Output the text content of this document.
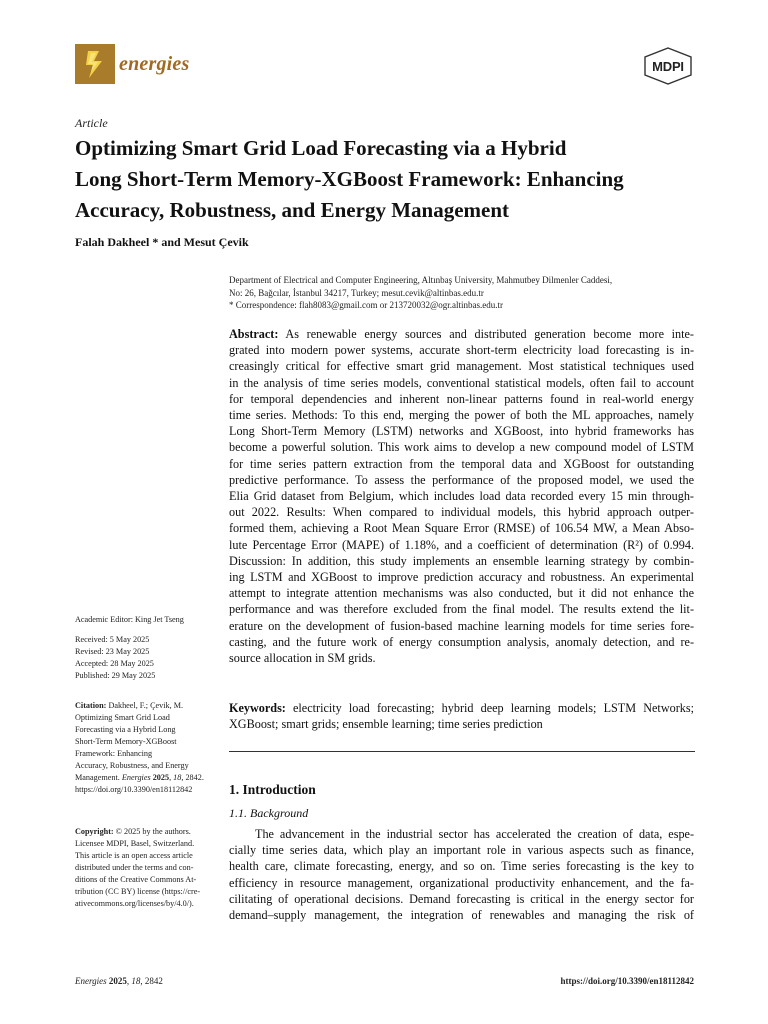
energies	MDPI
Article
Optimizing Smart Grid Load Forecasting via a Hybrid
Long Short-Term Memory-XGBoost Framework: Enhancing
Accuracy, Robustness, and Energy Management
Falah Dakheel * and Mesut Çevik
Department of Electrical and Computer Engineering, Altınbaş University, Mahmutbey Dilmenler Caddesi,
No: 26, Bağcılar, İstanbul 34217, Turkey; mesut.cevik@altinbas.edu.tr
* Correspondence: flah8083@gmail.com or 213720032@ogr.altinbas.edu.tr
Abstract: As renewable energy sources and distributed generation become more inte-
grated into modern power systems, accurate short-term electricity load forecasting is in-
creasingly critical for effective smart grid management. Most statistical techniques used
in the analysis of time series models, conventional statistical models, often fail to account
for temporal dependencies and inherent non-linear patterns found in real-world energy
time series. Methods: To this end, merging the power of both the ML approaches, namely
Long Short-Term Memory (LSTM) networks and XGBoost, into hybrid frameworks has
become a powerful solution. This work aims to develop a new compound model of LSTM
for time series pattern extraction from the temporal data and XGBoost for outstanding
predictive performance. To assess the performance of the proposed model, we used the
Elia Grid dataset from Belgium, which includes load data recorded every 15 min through-
out 2022. Results: When compared to individual models, this hybrid approach outper-
formed them, achieving a Root Mean Square Error (RMSE) of 106.54 MW, a Mean Abso-
lute Percentage Error (MAPE) of 1.18%, and a coefficient of determination (R²) of 0.994.
Discussion: In addition, this study implements an ensemble learning strategy by combin-
ing LSTM and XGBoost to improve prediction accuracy and robustness. An experimental
attempt to integrate attention mechanisms was also conducted, but it did not enhance the
performance and was therefore excluded from the final model. The results extend the lit-
erature on the development of fusion-based machine learning models for time series fore-
casting, and the future work of energy consumption analysis, anomaly detection, and re-
source allocation in SM grids.
Keywords: electricity load forecasting; hybrid deep learning models; LSTM Networks;
XGBoost; smart grids; ensemble learning; time series prediction
1. Introduction
1.1. Background
The advancement in the industrial sector has accelerated the creation of data, espe-
cially time series data, which play an important role in various aspects such as finance,
health care, climate forecasting, energy, and so on. Time series forecasting is the key to
efficiency in resource management, organizational productivity enhancement, and the fa-
cilitating of operational decisions. Demand forecasting is critical in the energy sector for
demand–supply management, the integration of renewables and managing the risk of
Academic Editor: King Jet Tseng
Received: 5 May 2025
Revised: 23 May 2025
Accepted: 28 May 2025
Published: 29 May 2025
Citation: Dakheel, F.; Çevik, M.
Optimizing Smart Grid Load
Forecasting via a Hybrid Long
Short-Term Memory-XGBoost
Framework: Enhancing
Accuracy, Robustness, and Energy
Management. Energies 2025, 18, 2842.
https://doi.org/10.3390/en18112842
Copyright: © 2025 by the authors.
Licensee MDPI, Basel, Switzerland.
This article is an open access article
distributed under the terms and con-
ditions of the Creative Commons At-
tribution (CC BY) license (https://cre-
ativecommons.org/licenses/by/4.0/).
Energies 2025, 18, 2842	https://doi.org/10.3390/en18112842
